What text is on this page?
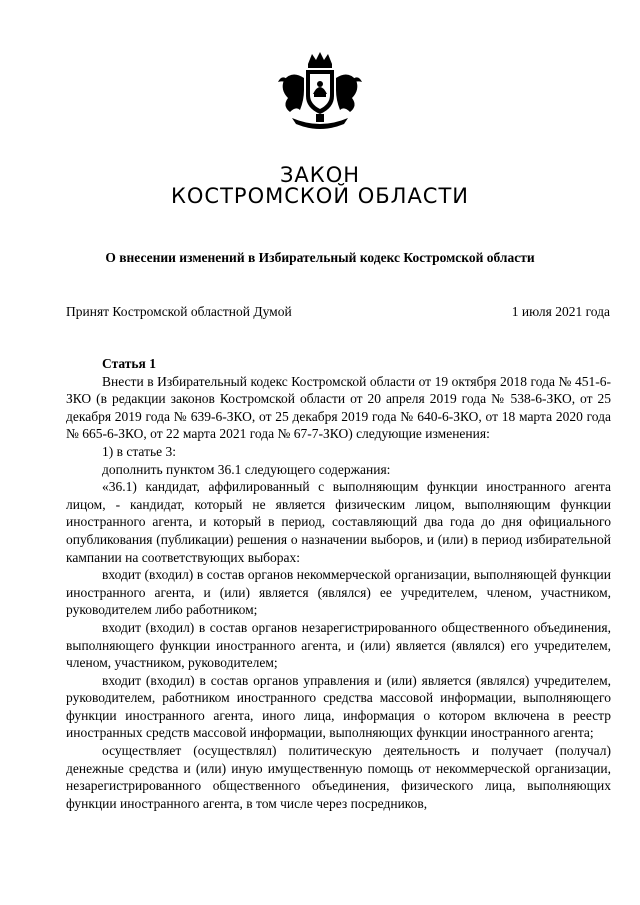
ЗАКОН
КОСТРОМСКОЙ ОБЛАСТИ
О внесении изменений в Избирательный кодекс Костромской области
Принят Костромской областной Думой	1 июля 2021 года
Статья 1

Внести в Избирательный кодекс Костромской области от 19 октября 2018 года № 451-6-ЗКО (в редакции законов Костромской области от 20 апреля 2019 года № 538-6-ЗКО, от 25 декабря 2019 года № 639-6-ЗКО, от 25 декабря 2019 года № 640-6-ЗКО, от 18 марта 2020 года № 665-6-ЗКО, от 22 марта 2021 года № 67-7-ЗКО) следующие изменения:

1) в статье 3:

дополнить пунктом 36.1 следующего содержания:

«36.1) кандидат, аффилированный с выполняющим функции иностранного агента лицом, - кандидат, который не является физическим лицом, выполняющим функции иностранного агента, и который в период, составляющий два года до дня официального опубликования (публикации) решения о назначении выборов, и (или) в период избирательной кампании на соответствующих выборах:

входит (входил) в состав органов некоммерческой организации, выполняющей функции иностранного агента, и (или) является (являлся) ее учредителем, членом, участником, руководителем либо работником;

входит (входил) в состав органов незарегистрированного общественного объединения, выполняющего функции иностранного агента, и (или) является (являлся) его учредителем, членом, участником, руководителем;

входит (входил) в состав органов управления и (или) является (являлся) учредителем, руководителем, работником иностранного средства массовой информации, выполняющего функции иностранного агента, иного лица, информация о котором включена в реестр иностранных средств массовой информации, выполняющих функции иностранного агента;

осуществляет (осуществлял) политическую деятельность и получает (получал) денежные средства и (или) иную имущественную помощь от некоммерческой организации, незарегистрированного общественного объединения, физического лица, выполняющих функции иностранного агента, в том числе через посредников,
